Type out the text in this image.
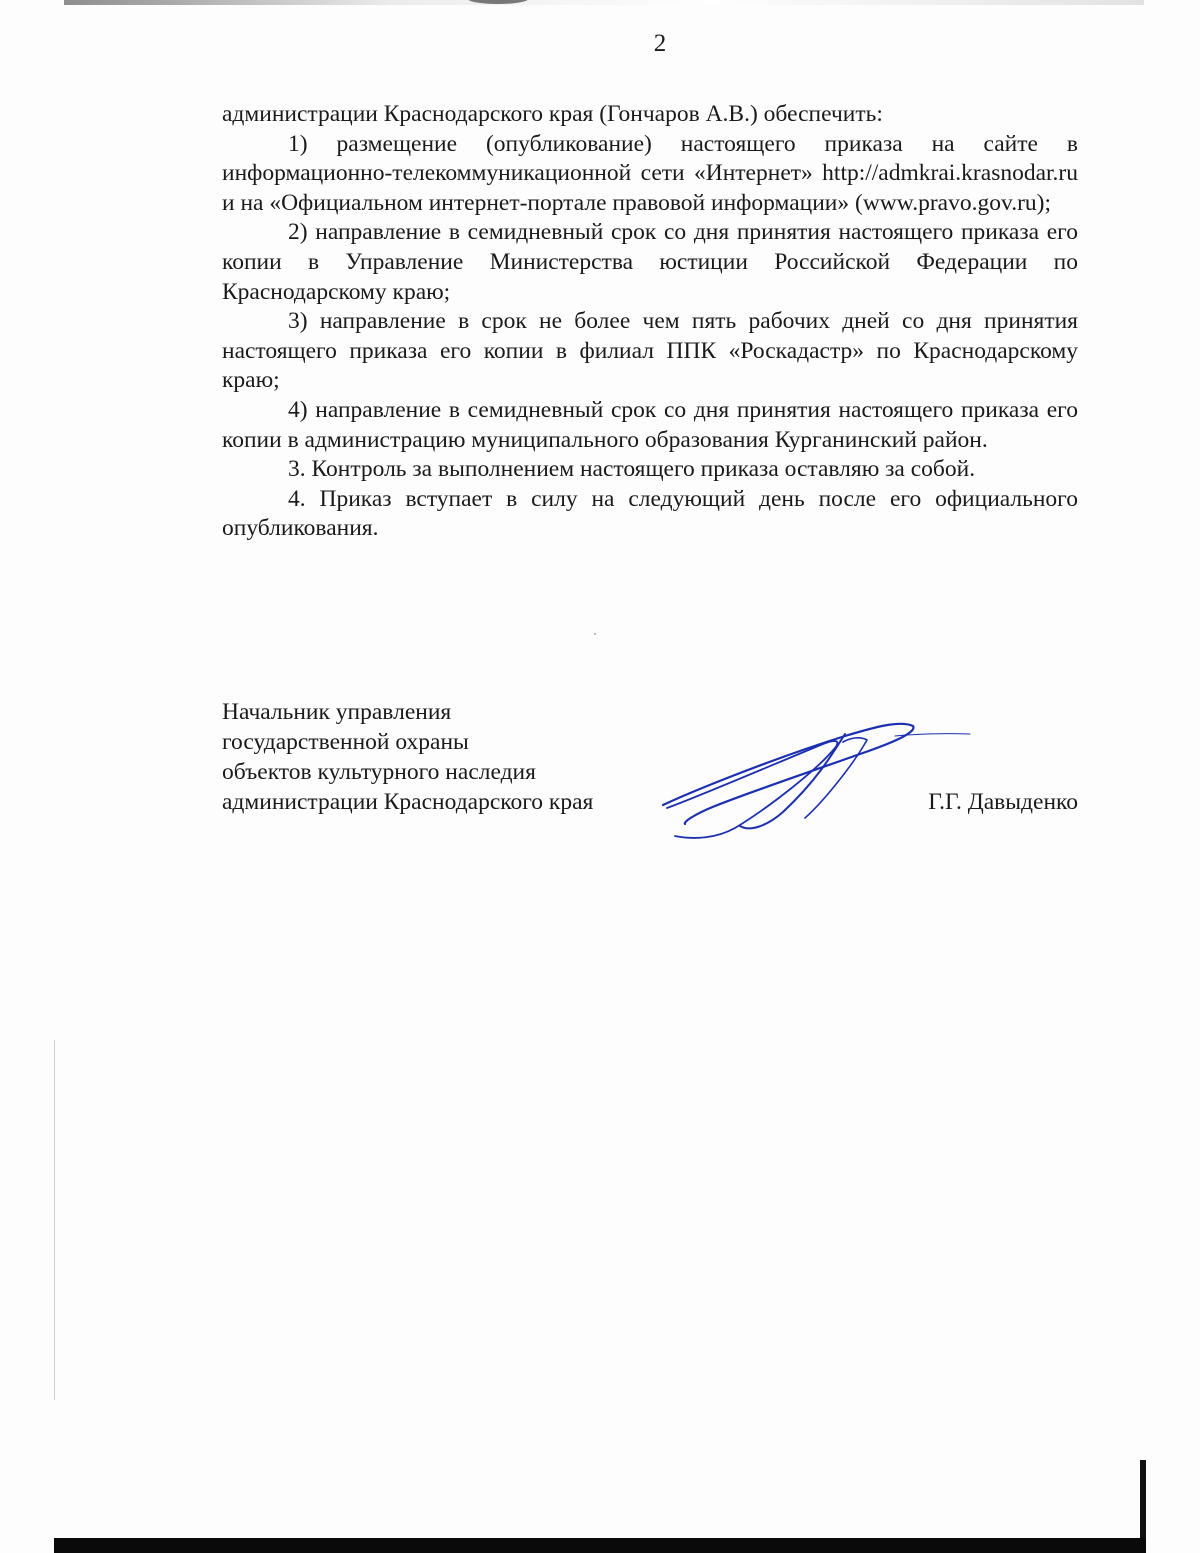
2

администрации Краснодарского края (Гончаров А.В.) обеспечить:

1) размещение (опубликование) настоящего приказа на сайте в информационно-телекоммуникационной сети «Интернет» http://admkrai.krasnodar.ru и на «Официальном интернет-портале правовой информации» (www.pravo.gov.ru);

2) направление в семидневный срок со дня принятия настоящего приказа его копии в Управление Министерства юстиции Российской Федерации по Краснодарскому краю;

3) направление в срок не более чем пять рабочих дней со дня принятия настоящего приказа его копии в филиал ППК «Роскадастр» по Краснодарскому краю;

4) направление в семидневный срок со дня принятия настоящего приказа его копии в администрацию муниципального образования Курганинский район.

3. Контроль за выполнением настоящего приказа оставляю за собой.

4. Приказ вступает в силу на следующий день после его официального опубликования.

Начальник управления
государственной охраны
объектов культурного наследия
администрации Краснодарского края	Г.Г. Давыденко
